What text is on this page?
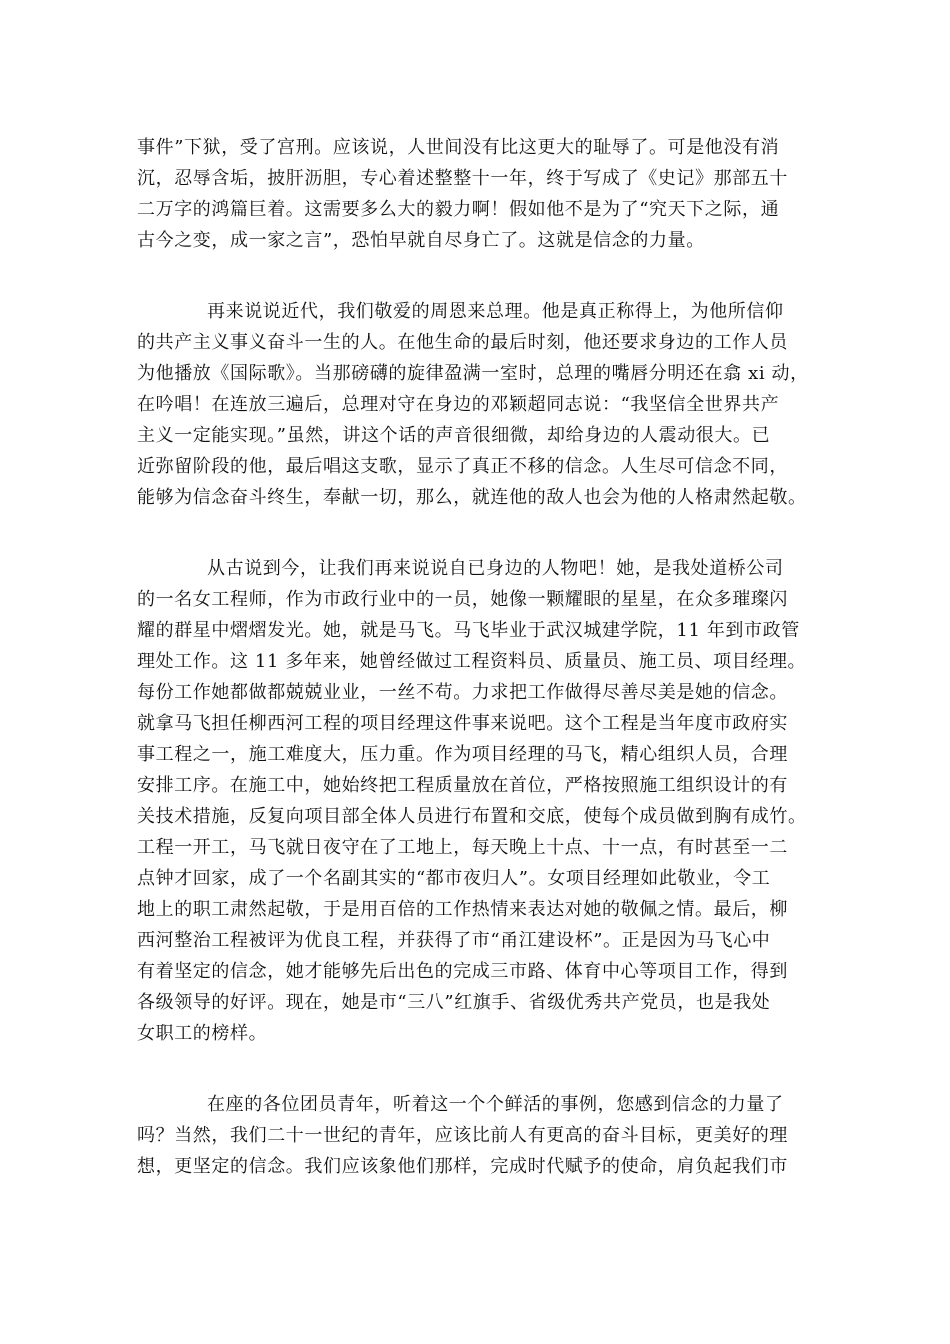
事件”下狱，受了宫刑。应该说，人世间没有比这更大的耻辱了。可是他没有消
沉，忍辱含垢，披肝沥胆，专心着述整整十一年，终于写成了《史记》那部五十
二万字的鸿篇巨着。这需要多么大的毅力啊！假如他不是为了“究天下之际，通
古今之变，成一家之言”，恐怕早就自尽身亡了。这就是信念的力量。
再来说说近代，我们敬爱的周恩来总理。他是真正称得上，为他所信仰
的共产主义事义奋斗一生的人。在他生命的最后时刻，他还要求身边的工作人员
为他播放《国际歌》。当那磅礴的旋律盈满一室时，总理的嘴唇分明还在翕 xi 动，
在吟唱！在连放三遍后，总理对守在身边的邓颖超同志说：“我坚信全世界共产
主义一定能实现。”虽然，讲这个话的声音很细微，却给身边的人震动很大。已
近弥留阶段的他，最后唱这支歌，显示了真正不移的信念。人生尽可信念不同，
能够为信念奋斗终生，奉献一切，那么，就连他的敌人也会为他的人格肃然起敬。
从古说到今，让我们再来说说自已身边的人物吧！她，是我处道桥公司
的一名女工程师，作为市政行业中的一员，她像一颗耀眼的星星，在众多璀璨闪
耀的群星中熠熠发光。她，就是马飞。马飞毕业于武汉城建学院，11 年到市政管
理处工作。这 11 多年来，她曾经做过工程资料员、质量员、施工员、项目经理。
每份工作她都做都兢兢业业，一丝不苟。力求把工作做得尽善尽美是她的信念。
就拿马飞担任柳西河工程的项目经理这件事来说吧。这个工程是当年度市政府实
事工程之一，施工难度大，压力重。作为项目经理的马飞，精心组织人员，合理
安排工序。在施工中，她始终把工程质量放在首位，严格按照施工组织设计的有
关技术措施，反复向项目部全体人员进行布置和交底，使每个成员做到胸有成竹。
工程一开工，马飞就日夜守在了工地上，每天晚上十点、十一点，有时甚至一二
点钟才回家，成了一个名副其实的“都市夜归人”。女项目经理如此敬业，令工
地上的职工肃然起敬，于是用百倍的工作热情来表达对她的敬佩之情。最后，柳
西河整治工程被评为优良工程，并获得了市“甬江建设杯”。正是因为马飞心中
有着坚定的信念，她才能够先后出色的完成三市路、体育中心等项目工作，得到
各级领导的好评。现在，她是市“三八”红旗手、省级优秀共产党员，也是我处
女职工的榜样。
在座的各位团员青年，听着这一个个鲜活的事例，您感到信念的力量了
吗？当然，我们二十一世纪的青年，应该比前人有更高的奋斗目标，更美好的理
想，更坚定的信念。我们应该象他们那样，完成时代赋予的使命，肩负起我们市
